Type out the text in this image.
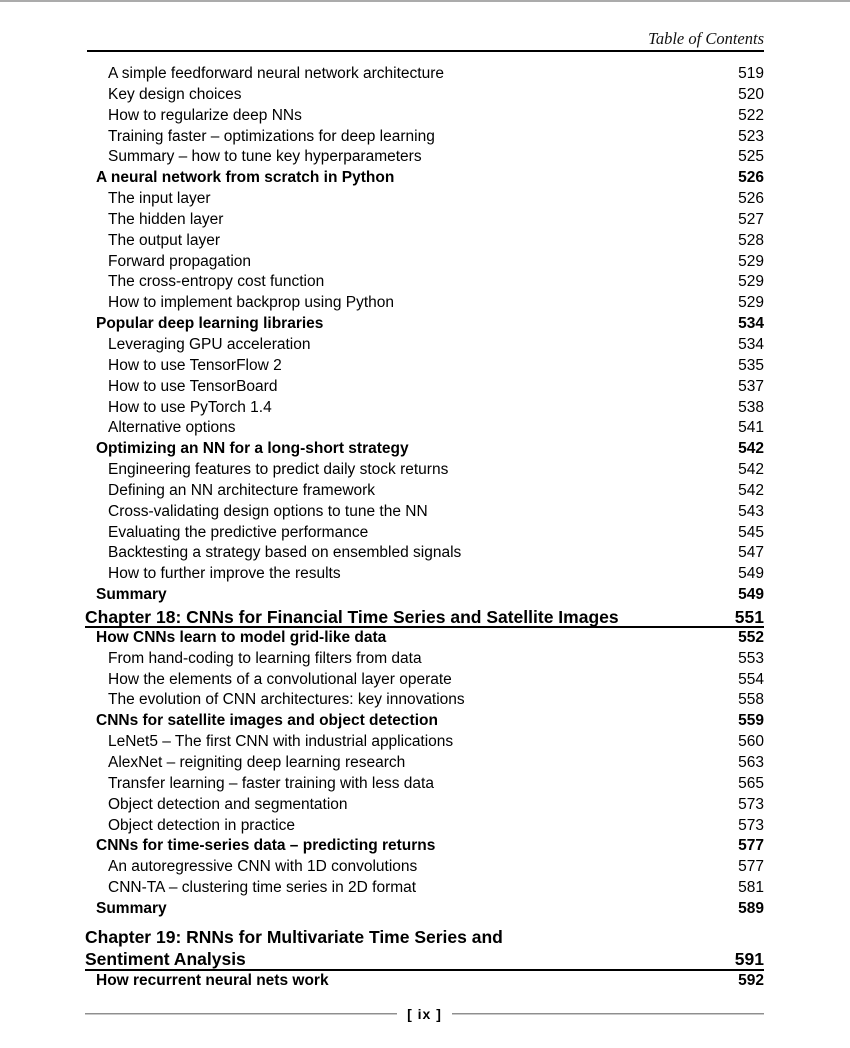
Table of Contents
A simple feedforward neural network architecture	519
Key design choices	520
How to regularize deep NNs	522
Training faster – optimizations for deep learning	523
Summary – how to tune key hyperparameters	525
A neural network from scratch in Python	526
The input layer	526
The hidden layer	527
The output layer	528
Forward propagation	529
The cross-entropy cost function	529
How to implement backprop using Python	529
Popular deep learning libraries	534
Leveraging GPU acceleration	534
How to use TensorFlow 2	535
How to use TensorBoard	537
How to use PyTorch 1.4	538
Alternative options	541
Optimizing an NN for a long-short strategy	542
Engineering features to predict daily stock returns	542
Defining an NN architecture framework	542
Cross-validating design options to tune the NN	543
Evaluating the predictive performance	545
Backtesting a strategy based on ensembled signals	547
How to further improve the results	549
Summary	549
Chapter 18: CNNs for Financial Time Series and Satellite Images	551
How CNNs learn to model grid-like data	552
From hand-coding to learning filters from data	553
How the elements of a convolutional layer operate	554
The evolution of CNN architectures: key innovations	558
CNNs for satellite images and object detection	559
LeNet5 – The first CNN with industrial applications	560
AlexNet – reigniting deep learning research	563
Transfer learning – faster training with less data	565
Object detection and segmentation	573
Object detection in practice	573
CNNs for time-series data – predicting returns	577
An autoregressive CNN with 1D convolutions	577
CNN-TA – clustering time series in 2D format	581
Summary	589
Chapter 19: RNNs for Multivariate Time Series and
Sentiment Analysis	591
How recurrent neural nets work	592
[ ix ]
